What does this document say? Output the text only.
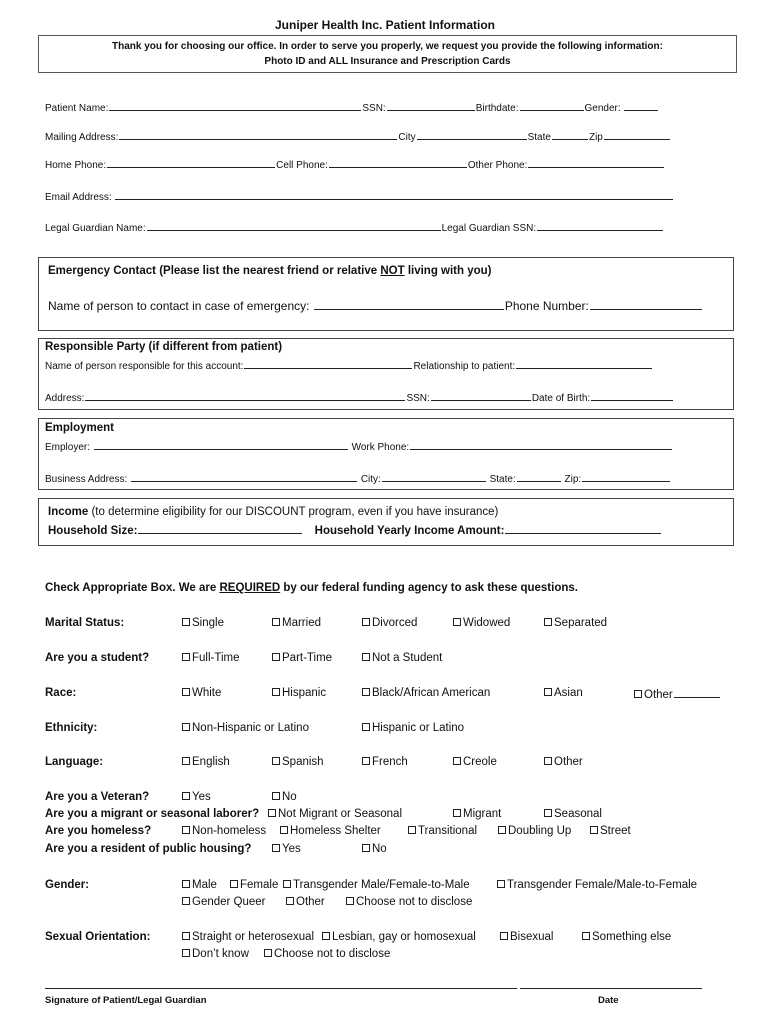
Juniper Health Inc. Patient Information
Thank you for choosing our office. In order to serve you properly, we request you provide the following information:
Photo ID and ALL Insurance and Prescription Cards
Patient Name:	SSN:	Birthdate:	Gender:
Mailing Address:	City	State	Zip
Home Phone:	Cell Phone:	Other Phone:
Email Address:
Legal Guardian Name:	Legal Guardian SSN:
Emergency Contact (Please list the nearest friend or relative NOT living with you)
Name of person to contact in case of emergency:	Phone Number:
Responsible Party (if different from patient)
Name of person responsible for this account:	Relationship to patient:
Address:	SSN:	Date of Birth:
Employment
Employer:	Work Phone:
Business Address:	City:	State:	Zip:
Income (to determine eligibility for our DISCOUNT program, even if you have insurance)
Household Size:	Household Yearly Income Amount:
Check Appropriate Box. We are REQUIRED by our federal funding agency to ask these questions.
Marital Status:	Single	Married	Divorced	Widowed	Separated
Are you a student?	Full-Time	Part-Time	Not a Student
Race:	White	Hispanic	Black/African American	Asian	Other
Ethnicity:	Non-Hispanic or Latino	Hispanic or Latino
Language:	English	Spanish	French	Creole	Other
Are you a Veteran?	Yes	No
Are you a migrant or seasonal laborer?	Not Migrant or Seasonal	Migrant	Seasonal
Are you homeless?	Non-homeless	Homeless Shelter	Transitional	Doubling Up	Street
Are you a resident of public housing?	Yes	No
Gender:	Male	Female	Transgender Male/Female-to-Male	Transgender Female/Male-to-Female
Gender Queer	Other	Choose not to disclose
Sexual Orientation:	Straight or heterosexual	Lesbian, gay or homosexual	Bisexual	Something else
Don’t know	Choose not to disclose
Signature of Patient/Legal Guardian	Date
